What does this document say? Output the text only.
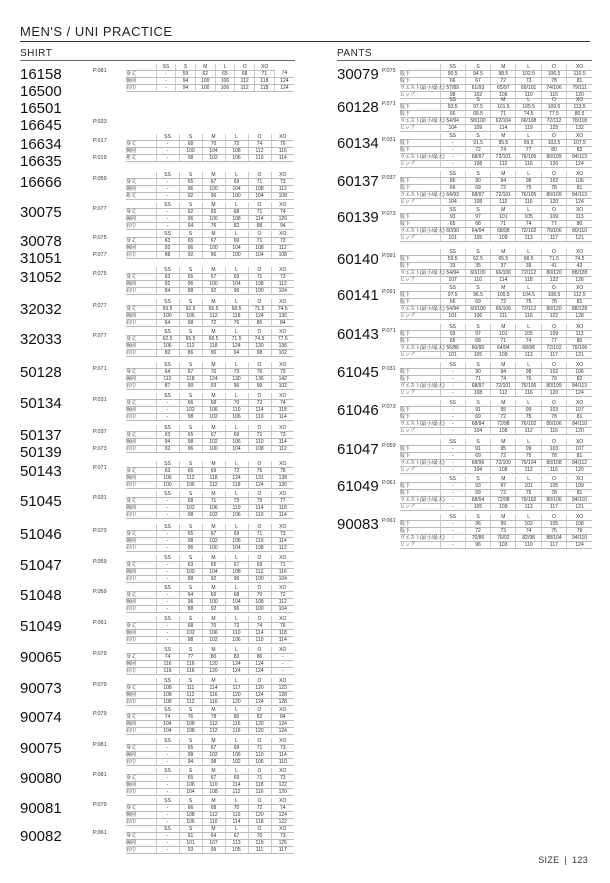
MEN'S / UNI PRACTICE
SHIRT	PANTS
16158	P.081
16500
16501
16645	P.033
	SS	S	M	L	O	XO	
身丈	-	59	62	65	68	71	74
胸囲	-	94	100	106	112	118	124
肩巾	-	94	100	106	112	118	124
16634	P.017
16635	P.019
	SS	S	M	L	O	XO
身丈	-	68	70	72	74	76
胸囲	-	100	104	108	112	116
裄丈	-	98	102	106	110	114
16666	P.059
	SS	S	M	L	O	XO
身丈	-	65	67	69	71	73
胸囲	-	96	100	104	108	112
裄丈	-	92	96	100	104	108
30075	P.077
	SS	S	M	L	O	XO
身丈	-	62	65	68	71	74
胸囲	-	96	100	108	114	120
肩巾	-	64	76	82	88	94
30078	P.075
31051	P.077
	SS	S	M	L	O	XO
身丈	63	65	67	69	71	73
胸囲	92	96	100	104	108	112
肩巾	88	92	96	100	104	108
31052	P.075
	SS	S	M	L	O	XO
身丈	63	65	67	69	71	73
胸囲	92	96	100	104	108	112
肩巾	84	88	92	96	100	104
32032	P.077
	SS	S	M	L	O	XO
身丈	59.5	62.5	65.5	68.5	71.5	74.5
胸囲	100	106	112	118	124	130
肩巾	64	68	72	76	80	84
32033	P.077
	SS	S	M	L	O	XO
身丈	62.5	65.5	68.5	71.5	74.5	77.5
胸囲	106	112	118	124	130	136
肩巾	82	86	90	94	98	102
50128	P.071
	SS	S	M	L	O	XO
身丈	64	67	70	73	76	79
胸囲	112	118	124	130	136	142
肩巾	87	90	93	96	99	102
50134	P.031
	SS	S	M	L	O	XO
身丈	-	66	68	70	72	74
胸囲	-	102	106	110	114	118
肩巾	-	98	102	106	110	114
50137	P.037
50139	P.073
	SS	S	M	L	O	XO
身丈	63	65	67	69	71	73
胸囲	94	98	102	106	110	114
肩巾	92	96	100	104	108	112
50143	P.071
	SS	S	M	L	O	XO
身丈	63	66	69	72	75	78
胸囲	106	112	118	124	131	138
肩巾	100	106	112	118	124	130
51045	P.031
	SS	S	M	L	O	XO
身丈	-	68	71	73	75	77
胸囲	-	102	106	110	114	118
肩巾	-	98	102	106	110	114
51046	P.073
	SS	S	M	L	O	XO
身丈	-	65	67	69	71	73
胸囲	-	98	102	106	110	114
肩巾	-	96	100	104	108	112
51047	P.059
	SS	S	M	L	O	XO
身丈	-	63	65	67	69	71
胸囲	-	100	104	108	112	116
肩巾	-	88	92	96	100	104
51048	P.059
	SS	S	M	L	O	XO
身丈	-	64	66	68	70	72
胸囲	-	96	100	104	108	112
肩巾	-	88	92	96	100	104
51049	P.061
	SS	S	M	L	O	XO
身丈	-	68	70	72	74	76
胸囲	-	102	106	110	114	118
肩巾	-	98	102	106	110	114
90065	P.079
	SS	S	M	L	O	XO
身丈	74	77	80	83	86	-
胸囲	116	116	120	124	124	-
肩巾	116	116	120	124	124	-
90073	P.079
	SS	S	M	L	O	XO
身丈	108	111	114	117	120	123
胸囲	108	112	116	120	124	128
肩巾	108	112	116	120	124	128
90074	P.079
	SS	S	M	L	O	XO
身丈	74	76	78	80	82	84
胸囲	104	108	112	116	120	124
肩巾	104	108	112	116	120	124
90075	P.081
	SS	S	M	L	O	XO
身丈	-	65	67	69	71	73
胸囲	-	98	102	106	110	114
肩巾	-	94	98	102	106	110
90080	P.081
	SS	S	M	L	O	XO
身丈	-	65	67	69	71	73
胸囲	-	106	110	114	118	122
肩巾	-	104	108	112	116	120
90081	P.079
	SS	S	M	L	O	XO
身丈	-	66	68	70	72	74
胸囲	-	108	112	116	120	124
肩巾	-	106	110	114	118	122
90082	P.061
	SS	S	M	L	O	XO
身丈	-	61	64	67	70	73
胸囲	-	101	107	113	119	125
肩巾	-	93	99	105	111	117
30079 P.075
	SS	S	M	L	O	XO
股下	90.5	94.5	98.5	102.5	106.5	110.5
股下	66	67	72	73	78	81
ウエスト(最小/最大)	57/89	61/93	65/97	69/101	74/106	79/111
ヒップ	98	102	106	110	115	120
60128 P.071
	SS	S	M	L	O	XO
股下	93.5	97.5	101.5	105.5	109.5	113.5
股下	66	68.5	71	74.5	77.5	80.5
ウエスト(最小/最大)	54/94	58/100	62/104	66/108	72/112	78/118
ヒップ	104	109	114	119	125	132
60134 P.031
	SS	S	M	L	O	XO
股下	-	91.5	95.5	99.5	103.5	107.5
股下	-	72	74	77	80	83
ウエスト(最小/最大)	-	68/97	72/101	76/105	80/109	84/113
ヒップ	-	108	112	116	120	124
60137 P.037
	SS	S	M	L	O	XO
股下	86	90	94	98	102	106
股下	66	69	72	75	78	81
ウエスト(最小/最大)	64/93	68/97	72/101	76/105	80/109	84/113
ヒップ	104	108	112	116	120	124
60139 P.073
	SS	S	M	L	O	XO
股下	93	97	101	105	109	113
股下	65	68	71	74	77	80
ウエスト(最小/最大)	60/90	64/94	68/98	72/102	76/106	80/110
ヒップ	101	105	109	113	117	121
60140 P.091
	SS	S	M	L	O	XO
股下	59.5	62.5	65.5	68.5	71.5	74.5
股下	33	35	37	39	41	43
ウエスト(最小/最大)	54/94	60/100	66/106	72/112	80/120	88/128
ヒップ	107	110	114	118	122	126
60141 P.091
	SS	S	M	L	O	XO
股下	97.5	96.5	100.5	104.5	108.5	112.5
股下	66	69	72	75	78	81
ウエスト(最小/最大)	54/94	60/100	66/106	72/112	80/120	88/128
ヒップ	101	106	111	116	122	128
60143 P.071
	SS	S	M	L	O	XO
股下	93	97	101	105	109	113
股下	65	68	71	74	77	80
ウエスト(最小/最大)	56/86	60/90	64/94	68/98	72/102	76/106
ヒップ	101	105	109	113	117	121
61045 P.031
	SS	S	M	L	O	XO
股下	-	90	94	98	102	106
股下	-	71	74	76	79	82
ウエスト(最小/最大)	-	68/97	72/101	76/105	80/109	84/113
ヒップ	-	108	112	116	120	124
61046 P.073
	SS	S	M	L	O	XO
股下	-	91	95	99	103	107
股下	-	69	72	75	78	81
ウエスト(最小/最大)	-	68/94	72/98	76/102	80/106	84/110
ヒップ	-	104	108	112	116	120
61047 P.059
	SS	S	M	L	O	XO
股下	-	91	95	99	103	107
股下	-	69	72	75	78	81
ウエスト(最小/最大)	-	68/96	72/100	76/104	80/108	84/112
ヒップ	-	104	108	112	116	120
61049 P.061
	SS	S	M	L	O	XO
股下	-	93	97	101	105	109
股下	-	69	72	75	78	81
ウエスト(最小/最大)	-	68/94	72/98	76/102	80/106	84/110
ヒップ	-	105	109	113	117	121
90083 P.061
	SS	S	M	L	O	XO
股下	-	96	99	102	105	108
股下	-	72	73	74	75	76
ウエスト(最小/最大)	-	70/86	76/92	82/98	88/104	94/110
ヒップ	-	96	103	110	117	124
SIZE | 123
